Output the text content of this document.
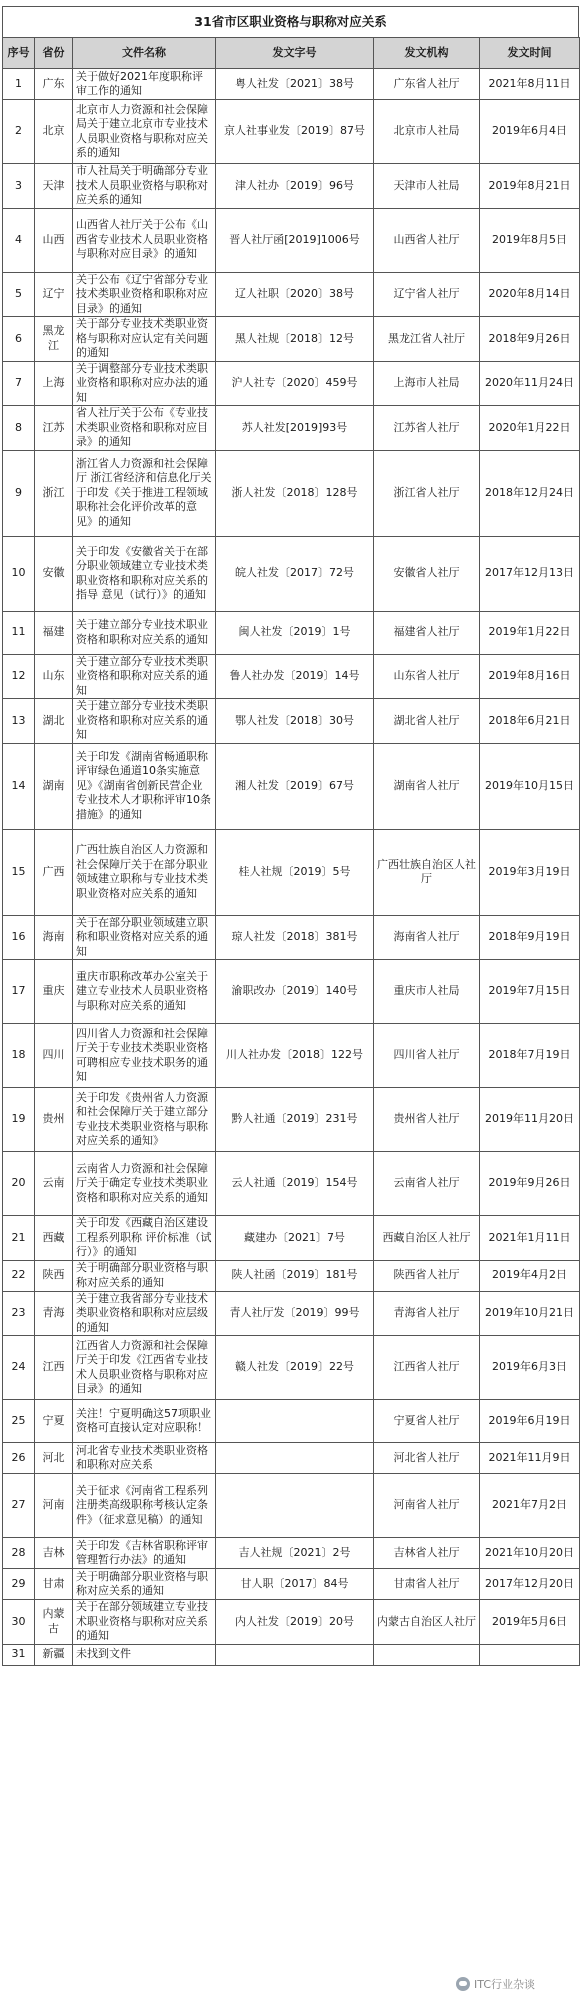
31省市区职业资格与职称对应关系
序号	省份	文件名称	发文字号	发文机构	发文时间
1	广东	关于做好2021年度职称评审工作的通知	粤人社发〔2021〕38号	广东省人社厅	2021年8月11日
2	北京	北京市人力资源和社会保障局关于建立北京市专业技术人员职业资格与职称对应关系的通知	京人社事业发〔2019〕87号	北京市人社局	2019年6月4日
3	天津	市人社局关于明确部分专业技术人员职业资格与职称对应关系的通知	津人社办〔2019〕96号	天津市人社局	2019年8月21日
4	山西	山西省人社厅关于公布《山西省专业技术人员职业资格与职称对应目录》的通知	晋人社厅函[2019]1006号	山西省人社厅	2019年8月5日
5	辽宁	关于公布《辽宁省部分专业技术类职业资格和职称对应目录》的通知	辽人社职〔2020〕38号	辽宁省人社厅	2020年8月14日
6	黑龙江	关于部分专业技术类职业资格与职称对应认定有关问题的通知	黑人社规〔2018〕12号	黑龙江省人社厅	2018年9月26日
7	上海	关于调整部分专业技术类职业资格和职称对应办法的通知	沪人社专〔2020〕459号	上海市人社局	2020年11月24日
8	江苏	省人社厅关于公布《专业技术类职业资格和职称对应目录》的通知	苏人社发[2019]93号	江苏省人社厅	2020年1月22日
9	浙江	浙江省人力资源和社会保障厅 浙江省经济和信息化厅关于印发《关于推进工程领域职称社会化评价改革的意见》的通知	浙人社发〔2018〕128号	浙江省人社厅	2018年12月24日
10	安徽	关于印发《安徽省关于在部分职业领域建立专业技术类职业资格和职称对应关系的指导 意见（试行）》的通知	皖人社发〔2017〕72号	安徽省人社厅	2017年12月13日
11	福建	关于建立部分专业技术职业资格和职称对应关系的通知	闽人社发〔2019〕1号	福建省人社厅	2019年1月22日
12	山东	关于建立部分专业技术类职业资格和职称对应关系的通知	鲁人社办发〔2019〕14号	山东省人社厅	2019年8月16日
13	湖北	关于建立部分专业技术类职业资格和职称对应关系的通知	鄂人社发〔2018〕30号	湖北省人社厅	2018年6月21日
14	湖南	关于印发《湖南省畅通职称评审绿色通道10条实施意见》《湖南省创新民营企业专业技术人才职称评审10条措施》的通知	湘人社发〔2019〕67号	湖南省人社厅	2019年10月15日
15	广西	广西壮族自治区人力资源和社会保障厅关于在部分职业领域建立职称与专业技术类职业资格对应关系的通知	桂人社规〔2019〕5号	广西壮族自治区人社厅	2019年3月19日
16	海南	关于在部分职业领域建立职称和职业资格对应关系的通知	琼人社发〔2018〕381号	海南省人社厅	2018年9月19日
17	重庆	重庆市职称改革办公室关于建立专业技术人员职业资格与职称对应关系的通知	渝职改办〔2019〕140号	重庆市人社局	2019年7月15日
18	四川	四川省人力资源和社会保障厅关于专业技术类职业资格可聘相应专业技术职务的通知	川人社办发〔2018〕122号	四川省人社厅	2018年7月19日
19	贵州	关于印发《贵州省人力资源和社会保障厅关于建立部分专业技术类职业资格与职称对应关系的通知》	黔人社通〔2019〕231号	贵州省人社厅	2019年11月20日
20	云南	云南省人力资源和社会保障厅关于确定专业技术类职业资格和职称对应关系的通知	云人社通〔2019〕154号	云南省人社厅	2019年9月26日
21	西藏	关于印发《西藏自治区建设工程系列职称 评价标准（试行）》的通知	藏建办〔2021〕7号	西藏自治区人社厅	2021年1月11日
22	陕西	关于明确部分职业资格与职称对应关系的通知	陕人社函〔2019〕181号	陕西省人社厅	2019年4月2日
23	青海	关于建立我省部分专业技术类职业资格和职称对应层级的通知	青人社厅发〔2019〕99号	青海省人社厅	2019年10月21日
24	江西	江西省人力资源和社会保障厅关于印发《江西省专业技术人员职业资格与职称对应目录》的通知	赣人社发〔2019〕22号	江西省人社厅	2019年6月3日
25	宁夏	关注！宁夏明确这57项职业资格可直接认定对应职称！		宁夏省人社厅	2019年6月19日
26	河北	河北省专业技术类职业资格和职称对应关系		河北省人社厅	2021年11月9日
27	河南	关于征求《河南省工程系列注册类高级职称考核认定条件》（征求意见稿）的通知		河南省人社厅	2021年7月2日
28	吉林	关于印发《吉林省职称评审管理暂行办法》的通知	吉人社规〔2021〕2号	吉林省人社厅	2021年10月20日
29	甘肃	关于明确部分职业资格与职称对应关系的通知	甘人职〔2017〕84号	甘肃省人社厅	2017年12月20日
30	内蒙古	关于在部分领域建立专业技术职业资格与职称对应关系的通知	内人社发〔2019〕20号	内蒙古自治区人社厅	2019年5月6日
31	新疆	未找到文件			
ITC行业杂谈
